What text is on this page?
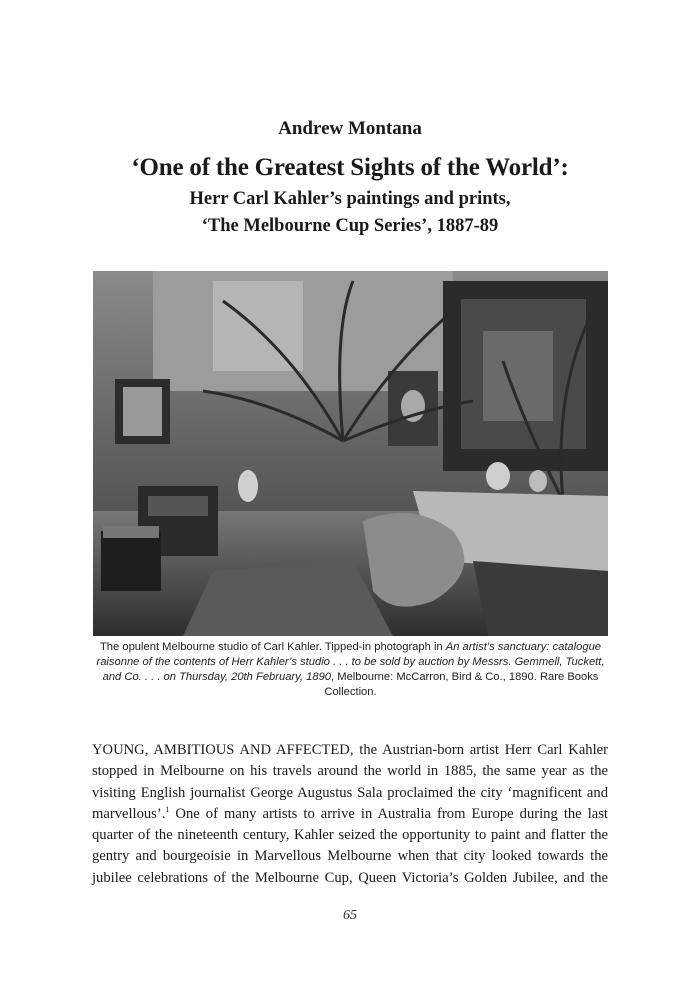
Andrew Montana
‘One of the Greatest Sights of the World’:
Herr Carl Kahler’s paintings and prints,
‘The Melbourne Cup Series’, 1887-89
The opulent Melbourne studio of Carl Kahler. Tipped-in photograph in An artist’s sanctuary: catalogue raisonne of the contents of Herr Kahler’s studio . . . to be sold by auction by Messrs. Gemmell, Tuckett, and Co. . . . on Thursday, 20th February, 1890, Melbourne: McCarron, Bird & Co., 1890. Rare Books Collection.
YOUNG, AMBITIOUS AND AFFECTED, the Austrian-born artist Herr Carl Kahler
stopped in Melbourne on his travels around the world in 1885, the same year as the
visiting English journalist George Augustus Sala proclaimed the city ‘magnificent and
marvellous’.$^1$ One of many artists to arrive in Australia from Europe during the last
quarter of the nineteenth century, Kahler seized the opportunity to paint and flatter the
gentry and bourgeoisie in Marvellous Melbourne when that city looked towards the
jubilee celebrations of the Melbourne Cup, Queen Victoria’s Golden Jubilee, and the
65
